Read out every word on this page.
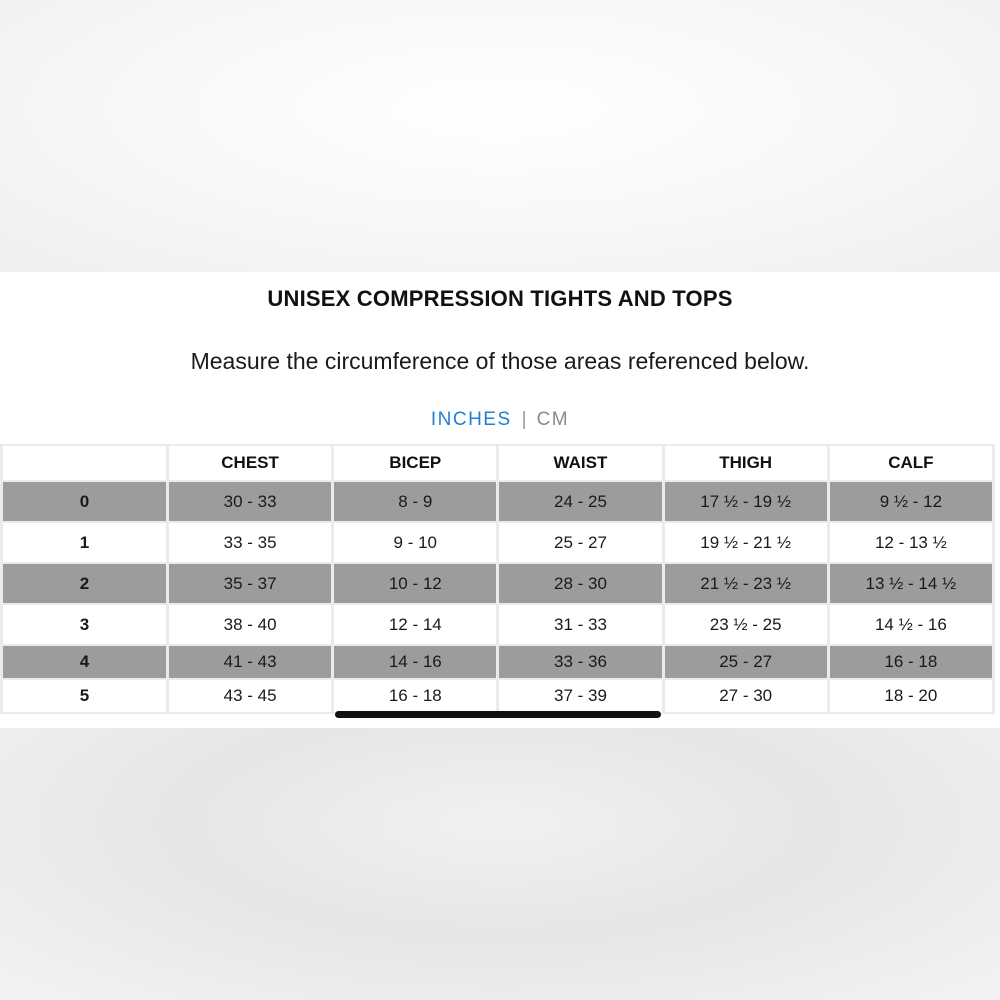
UNISEX COMPRESSION TIGHTS AND TOPS
Measure the circumference of those areas referenced below.
INCHES | CM
	CHEST	BICEP	WAIST	THIGH	CALF
0	30 - 33	8 - 9	24 - 25	17 ½ - 19 ½	9 ½ - 12
1	33 - 35	9 - 10	25 - 27	19 ½ - 21 ½	12 - 13 ½
2	35 - 37	10 - 12	28 - 30	21 ½ - 23 ½	13 ½ - 14 ½
3	38 - 40	12 - 14	31 - 33	23 ½ - 25	14 ½ - 16
4	41 - 43	14 - 16	33 - 36	25 - 27	16 - 18
5	43 - 45	16 - 18	37 - 39	27 - 30	18 - 20
